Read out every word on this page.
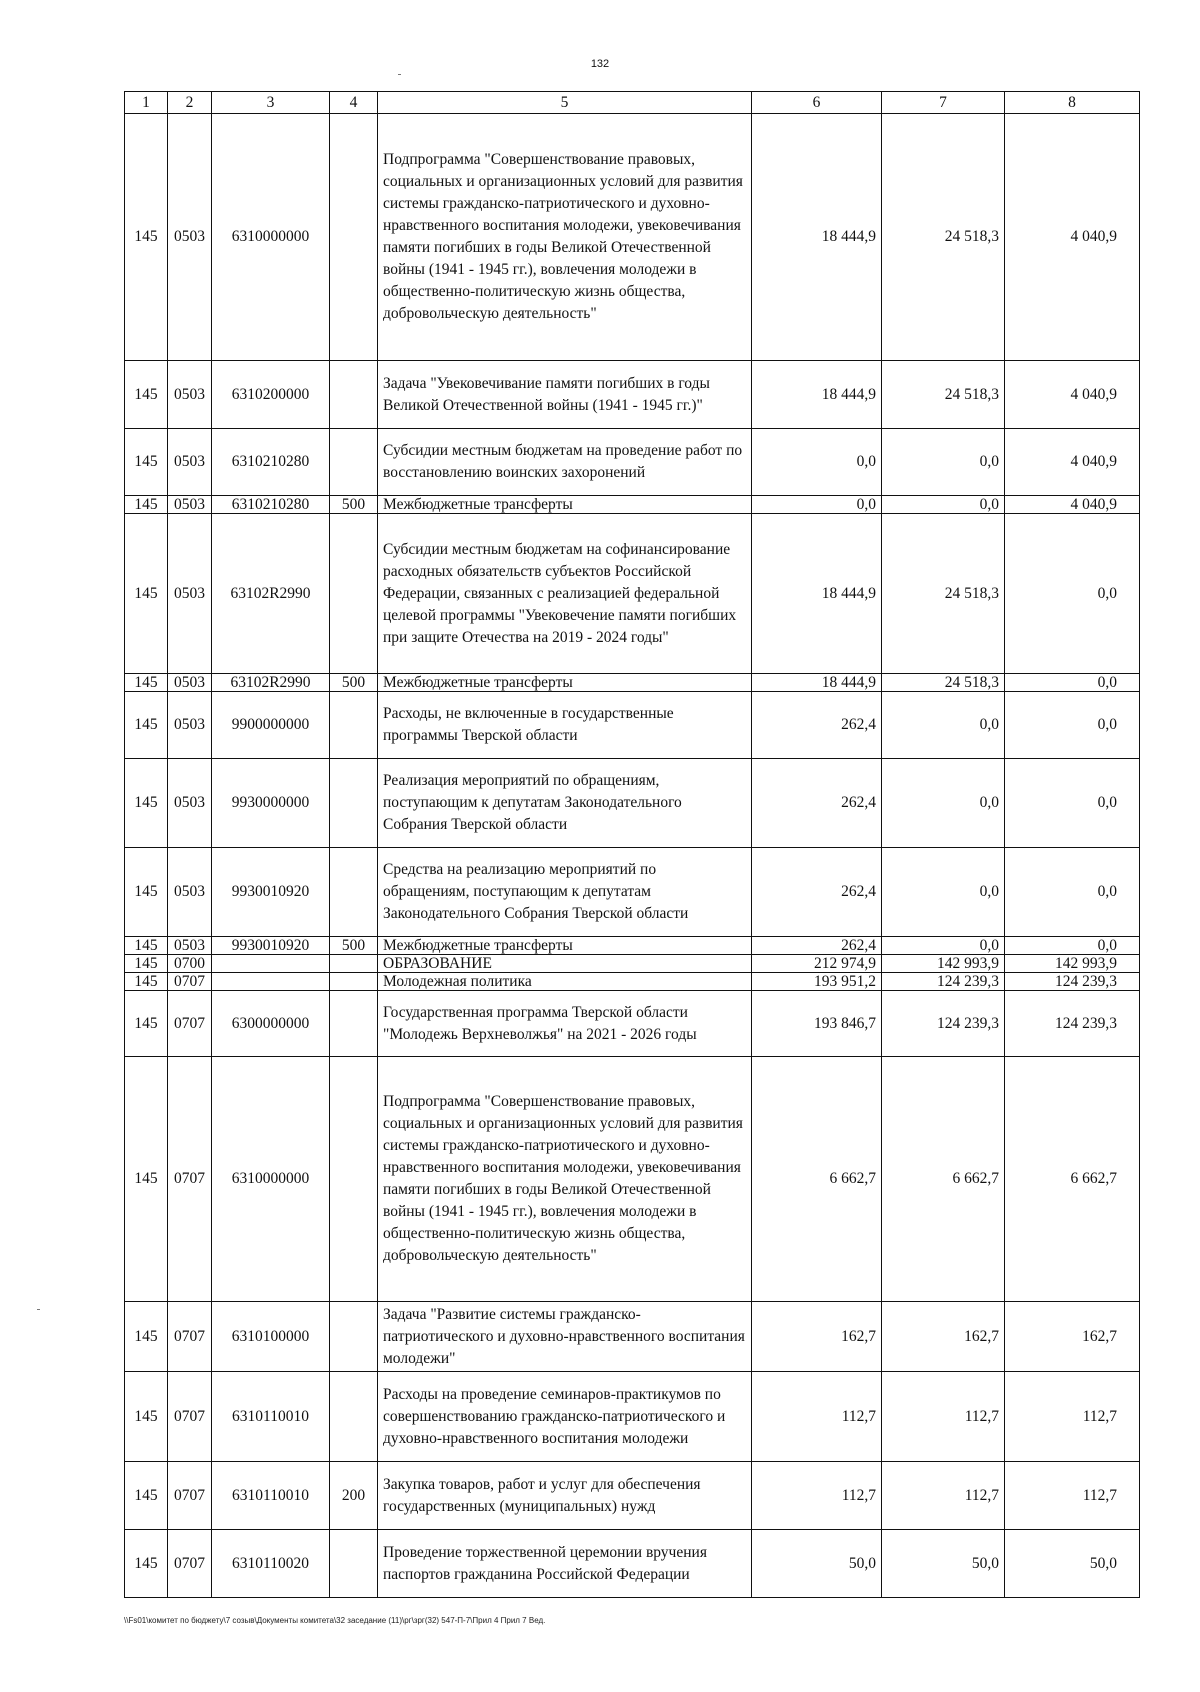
132
1	2	3	4	5	6	7	8
145	0503	6310000000		Подпрограмма "Совершенствование правовых, социальных и организационных условий для развития системы гражданско-патриотического и духовно-нравственного воспитания молодежи, увековечивания памяти погибших в годы Великой Отечественной войны (1941 - 1945 гг.), вовлечения молодежи в общественно-политическую жизнь общества, добровольческую деятельность"	18 444,9	24 518,3	4 040,9
145	0503	6310200000		Задача "Увековечивание памяти погибших в годы Великой Отечественной войны (1941 - 1945 гг.)"	18 444,9	24 518,3	4 040,9
145	0503	6310210280		Субсидии местным бюджетам на проведение работ по восстановлению воинских захоронений	0,0	0,0	4 040,9
145	0503	6310210280	500	Межбюджетные трансферты	0,0	0,0	4 040,9
145	0503	63102R2990		Субсидии местным бюджетам на софинансирование расходных обязательств субъектов Российской Федерации, связанных с реализацией федеральной целевой программы "Увековечение памяти погибших при защите Отечества на 2019 - 2024 годы"	18 444,9	24 518,3	0,0
145	0503	63102R2990	500	Межбюджетные трансферты	18 444,9	24 518,3	0,0
145	0503	9900000000		Расходы, не включенные в государственные программы Тверской области	262,4	0,0	0,0
145	0503	9930000000		Реализация мероприятий по обращениям, поступающим к депутатам Законодательного Собрания Тверской области	262,4	0,0	0,0
145	0503	9930010920		Средства на реализацию мероприятий по обращениям, поступающим к депутатам Законодательного Собрания Тверской области	262,4	0,0	0,0
145	0503	9930010920	500	Межбюджетные трансферты	262,4	0,0	0,0
145	0700			ОБРАЗОВАНИЕ	212 974,9	142 993,9	142 993,9
145	0707			Молодежная политика	193 951,2	124 239,3	124 239,3
145	0707	6300000000		Государственная программа Тверской области "Молодежь Верхневолжья" на 2021 - 2026 годы	193 846,7	124 239,3	124 239,3
145	0707	6310000000		Подпрограмма "Совершенствование правовых, социальных и организационных условий для развития системы гражданско-патриотического и духовно-нравственного воспитания молодежи, увековечивания памяти погибших в годы Великой Отечественной войны (1941 - 1945 гг.), вовлечения молодежи в общественно-политическую жизнь общества, добровольческую деятельность"	6 662,7	6 662,7	6 662,7
145	0707	6310100000		Задача "Развитие системы гражданско-патриотического и духовно-нравственного воспитания молодежи"	162,7	162,7	162,7
145	0707	6310110010		Расходы на проведение семинаров-практикумов по совершенствованию гражданско-патриотического и духовно-нравственного воспитания молодежи	112,7	112,7	112,7
145	0707	6310110010	200	Закупка товаров, работ и услуг для обеспечения государственных (муниципальных) нужд	112,7	112,7	112,7
145	0707	6310110020		Проведение торжественной церемонии вручения паспортов гражданина Российской Федерации	50,0	50,0	50,0
\\Fs01\комитет по бюджету\7 созыв\Документы комитета\32 заседание (11)\рг\зрг(32) 547-П-7\Прил 4 Прил 7 Вед.
